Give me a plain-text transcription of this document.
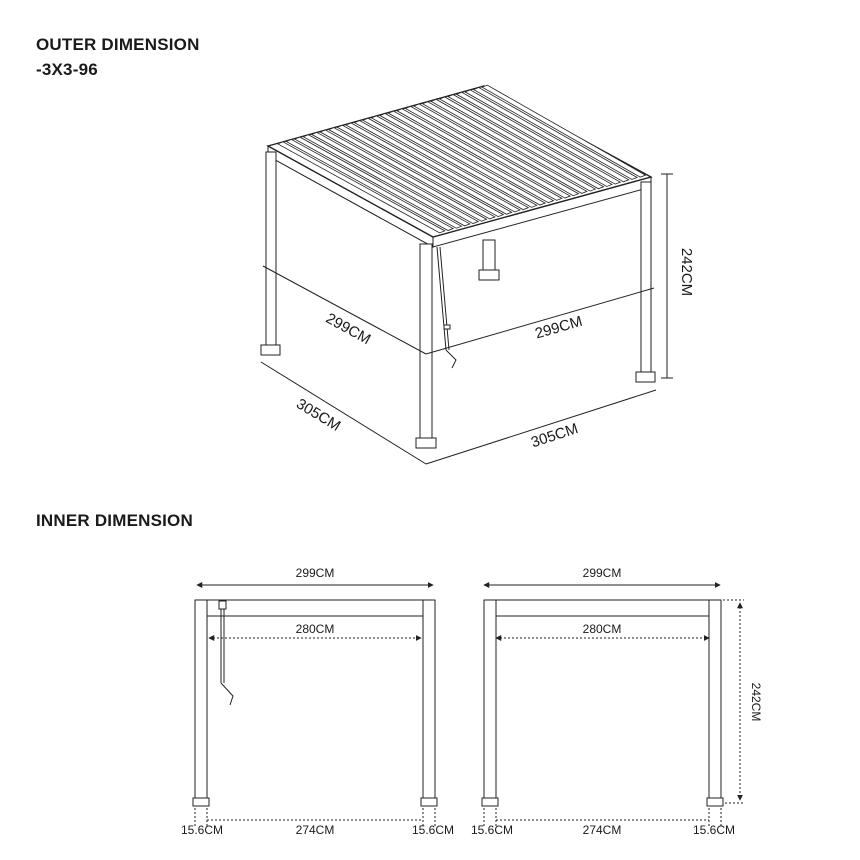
OUTER DIMENSION
-3X3-96
INNER DIMENSION
299CM	299CM
305CM
305CM
242CM
299CM
280CM
15.6CM	274CM	15.6CM
299CM
280CM
15.6CM	274CM	15.6CM
242CM
